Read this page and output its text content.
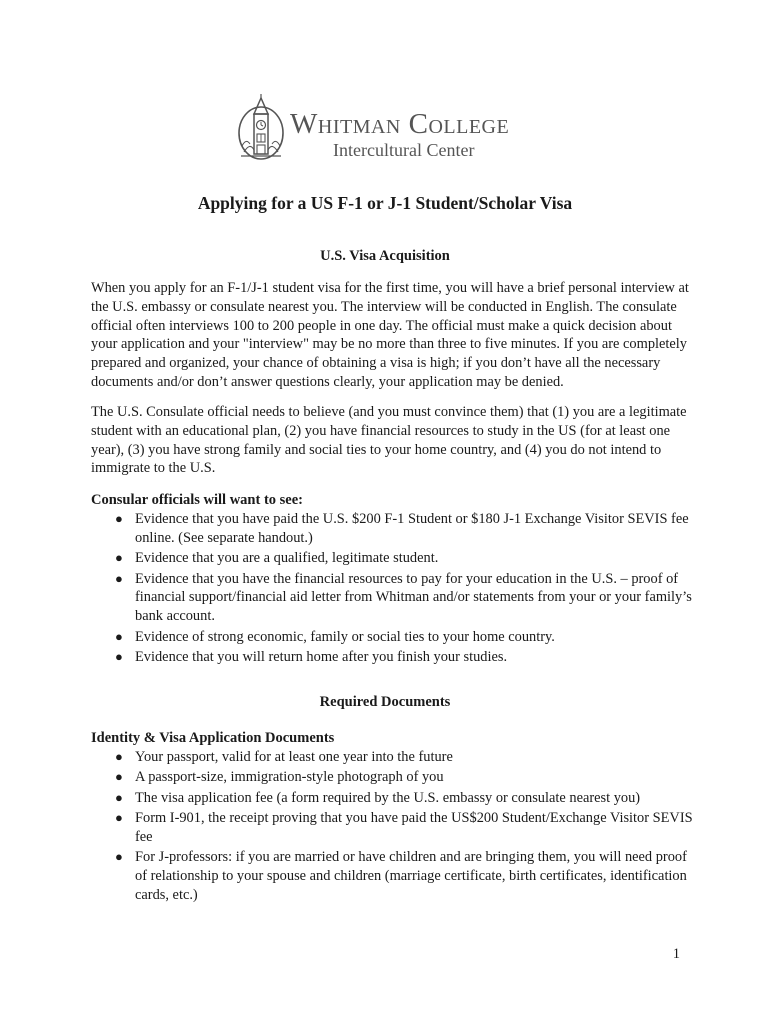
Whitman College
Intercultural Center
Applying for a US F-1 or J-1 Student/Scholar Visa
U.S. Visa Acquisition

When you apply for an F-1/J-1 student visa for the first time, you will have a brief personal interview at the U.S. embassy or consulate nearest you. The interview will be conducted in English. The consulate official often interviews 100 to 200 people in one day. The official must make a quick decision about your application and your "interview" may be no more than three to five minutes. If you are completely prepared and organized, your chance of obtaining a visa is high; if you don’t have all the necessary documents and/or don’t answer questions clearly, your application may be denied.

The U.S. Consulate official needs to believe (and you must convince them) that (1) you are a legitimate student with an educational plan, (2) you have financial resources to study in the US (for at least one year), (3) you have strong family and social ties to your home country, and (4) you do not intend to immigrate to the U.S.

Consular officials will want to see:
● Evidence that you have paid the U.S. $200 F-1 Student or $180 J-1 Exchange Visitor SEVIS fee online. (See separate handout.)
● Evidence that you are a qualified, legitimate student.
● Evidence that you have the financial resources to pay for your education in the U.S. – proof of financial support/financial aid letter from Whitman and/or statements from your or your family’s bank account.
● Evidence of strong economic, family or social ties to your home country.
● Evidence that you will return home after you finish your studies.
Required Documents
Identity & Visa Application Documents
● Your passport, valid for at least one year into the future
● A passport-size, immigration-style photograph of you
● The visa application fee (a form required by the U.S. embassy or consulate nearest you)
● Form I-901, the receipt proving that you have paid the US$200 Student/Exchange Visitor SEVIS fee
● For J-professors: if you are married or have children and are bringing them, you will need proof of relationship to your spouse and children (marriage certificate, birth certificates, identification cards, etc.)
1
